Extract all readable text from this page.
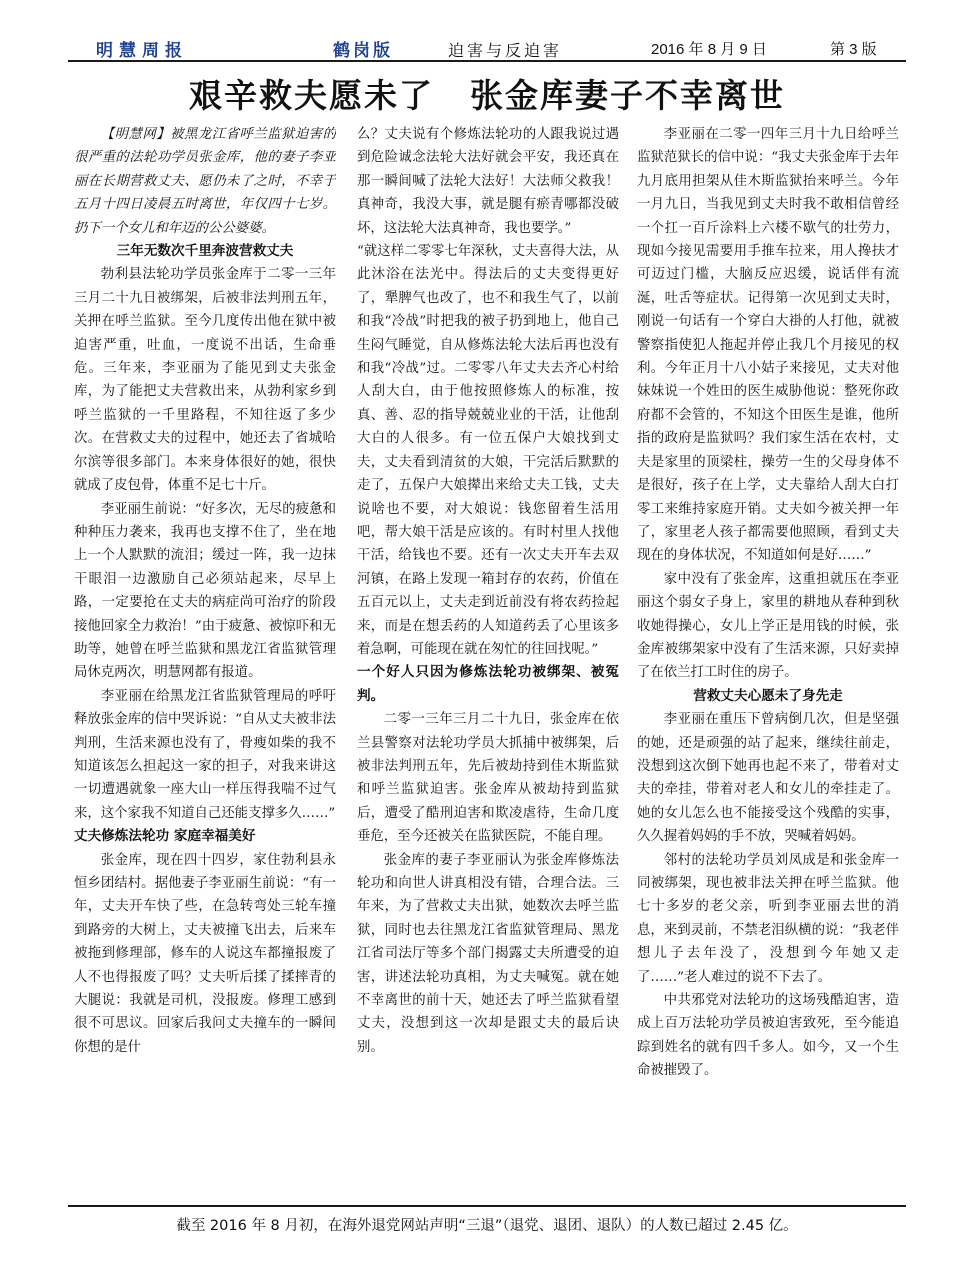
明慧周报	鹤岗版	迫害与反迫害	2016 年 8 月 9 日	第 3 版
艰辛救夫愿未了 张金库妻子不幸离世

【明慧网】被黑龙江省呼兰监狱迫害的很严重的法轮功学员张金库，他的妻子李亚丽在长期营救丈夫、愿仍未了之时，不幸于五月十四日凌晨五时离世，年仅四十七岁。扔下一个女儿和年迈的公公婆婆。

三年无数次千里奔波营救丈夫

勃利县法轮功学员张金库于二零一三年三月二十九日被绑架，后被非法判刑五年，关押在呼兰监狱。至今几度传出他在狱中被迫害严重，吐血，一度说不出话，生命垂危。三年来，李亚丽为了能见到丈夫张金库，为了能把丈夫营救出来，从勃利家乡到呼兰监狱的一千里路程，不知往返了多少次。在营救丈夫的过程中，她还去了省城哈尔滨等很多部门。本来身体很好的她，很快就成了皮包骨，体重不足七十斤。

李亚丽生前说：“好多次，无尽的疲惫和种种压力袭来，我再也支撑不住了，坐在地上一个人默默的流泪；缓过一阵，我一边抹干眼泪一边激励自己必须站起来，尽早上路，一定要抢在丈夫的病症尚可治疗的阶段接他回家全力救治！”由于疲惫、被惊吓和无助等，她曾在呼兰监狱和黑龙江省监狱管理局休克两次，明慧网都有报道。

李亚丽在给黑龙江省监狱管理局的呼吁释放张金库的信中哭诉说：“自从丈夫被非法判刑，生活来源也没有了，骨瘦如柴的我不知道该怎么担起这一家的担子，对我来讲这一切遭遇就象一座大山一样压得我喘不过气来，这个家我不知道自己还能支撑多久……”

丈夫修炼法轮功 家庭幸福美好

张金库，现在四十四岁，家住勃利县永恒乡团结村。据他妻子李亚丽生前说：“有一年，丈夫开车快了些，在急转弯处三轮车撞到路旁的大树上，丈夫被撞飞出去，后来车被拖到修理部，修车的人说这车都撞报废了人不也得报废了吗？丈夫听后揉了揉摔青的大腿说：我就是司机，没报废。修理工感到很不可思议。回家后我问丈夫撞车的一瞬间你想的是什

么？丈夫说有个修炼法轮功的人跟我说过遇到危险诚念法轮大法好就会平安，我还真在那一瞬间喊了法轮大法好！大法师父救我！真神奇，我没大事，就是腿有瘀青哪都没破坏，这法轮大法真神奇，我也要学。”

“就这样二零零七年深秋，丈夫喜得大法，从此沐浴在法光中。得法后的丈夫变得更好了，犟脾气也改了，也不和我生气了，以前和我“冷战”时把我的被子扔到地上，他自己生闷气睡觉，自从修炼法轮大法后再也没有和我“冷战”过。二零零八年丈夫去齐心村给人刮大白，由于他按照修炼人的标准，按真、善、忍的指导兢兢业业的干活，让他刮大白的人很多。有一位五保户大娘找到丈夫，丈夫看到清贫的大娘，干完活后默默的走了，五保户大娘撵出来给丈夫工钱，丈夫说啥也不要，对大娘说：钱您留着生活用吧，帮大娘干活是应该的。有时村里人找他干活，给钱也不要。还有一次丈夫开车去双河镇，在路上发现一箱封存的农药，价值在五百元以上，丈夫走到近前没有将农药捡起来，而是在想丢药的人知道药丢了心里该多着急啊，可能现在就在匆忙的往回找呢。”

一个好人只因为修炼法轮功被绑架、被冤判。

二零一三年三月二十九日，张金库在依兰县警察对法轮功学员大抓捕中被绑架，后被非法判刑五年，先后被劫持到佳木斯监狱和呼兰监狱迫害。张金库从被劫持到监狱后，遭受了酷刑迫害和欺凌虐待，生命几度垂危，至今还被关在监狱医院，不能自理。

张金库的妻子李亚丽认为张金库修炼法轮功和向世人讲真相没有错，合理合法。三年来，为了营救丈夫出狱，她数次去呼兰监狱，同时也去往黑龙江省监狱管理局、黑龙江省司法厅等多个部门揭露丈夫所遭受的迫害，讲述法轮功真相，为丈夫喊冤。就在她不幸离世的前十天，她还去了呼兰监狱看望丈夫，没想到这一次却是跟丈夫的最后诀别。

李亚丽在二零一四年三月十九日给呼兰监狱范狱长的信中说：“我丈夫张金库于去年九月底用担架从佳木斯监狱抬来呼兰。今年一月九日，当我见到丈夫时我不敢相信曾经一个扛一百斤涂料上六楼不歇气的壮劳力，现如今接见需要用手推车拉来，用人搀扶才可迈过门槛，大脑反应迟缓，说话伴有流涎，吐舌等症状。记得第一次见到丈夫时，刚说一句话有一个穿白大褂的人打他，就被警察指使犯人拖起并停止我几个月接见的权利。今年正月十八小姑子来接见，丈夫对他妹妹说一个姓田的医生威胁他说：整死你政府都不会管的，不知这个田医生是谁，他所指的政府是监狱吗？我们家生活在农村，丈夫是家里的顶梁柱，操劳一生的父母身体不是很好，孩子在上学，丈夫靠给人刮大白打零工来维持家庭开销。丈夫如今被关押一年了，家里老人孩子都需要他照顾，看到丈夫现在的身体状况，不知道如何是好……”

家中没有了张金库，这重担就压在李亚丽这个弱女子身上，家里的耕地从春种到秋收她得操心，女儿上学正是用钱的时候，张金库被绑架家中没有了生活来源，只好卖掉了在依兰打工时住的房子。

营救丈夫心愿未了身先走

李亚丽在重压下曾病倒几次，但是坚强的她，还是顽强的站了起来，继续往前走，没想到这次倒下她再也起不来了，带着对丈夫的牵挂，带着对老人和女儿的牵挂走了。她的女儿怎么也不能接受这个残酷的实事，久久握着妈妈的手不放，哭喊着妈妈。

邻村的法轮功学员刘凤成是和张金库一同被绑架，现也被非法关押在呼兰监狱。他七十多岁的老父亲，听到李亚丽去世的消息，来到灵前，不禁老泪纵横的说：“我老伴想儿子去年没了，没想到今年她又走了……”老人难过的说不下去了。

中共邪党对法轮功的这场残酷迫害，造成上百万法轮功学员被迫害致死，至今能追踪到姓名的就有四千多人。如今，又一个生命被摧毁了。

截至 2016 年 8 月初，在海外退党网站声明“三退”（退党、退团、退队）的人数已超过 2.45 亿。
